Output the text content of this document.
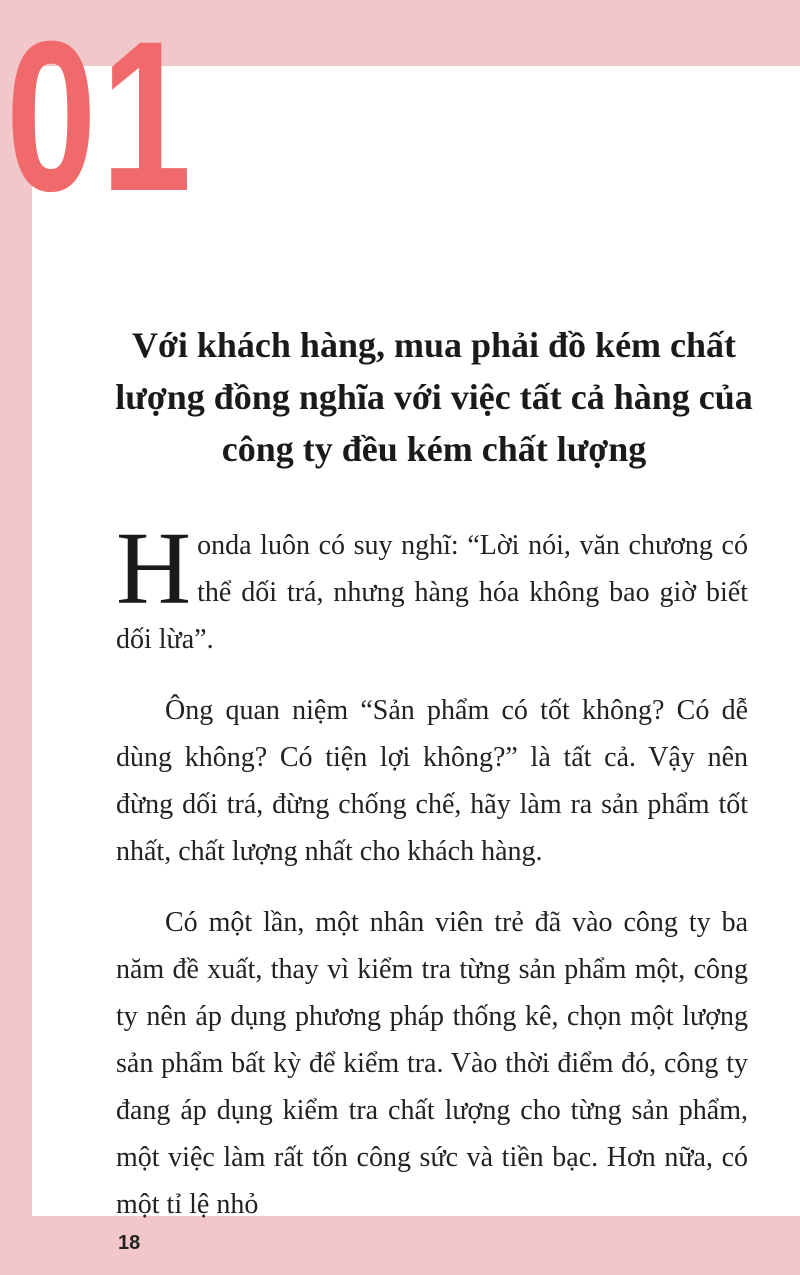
01
Với khách hàng, mua phải đồ kém chất lượng đồng nghĩa với việc tất cả hàng của công ty đều kém chất lượng

Honda luôn có suy nghĩ: “Lời nói, văn chương có thể dối trá, nhưng hàng hóa không bao giờ biết dối lừa”.

Ông quan niệm “Sản phẩm có tốt không? Có dễ dùng không? Có tiện lợi không?” là tất cả. Vậy nên đừng dối trá, đừng chống chế, hãy làm ra sản phẩm tốt nhất, chất lượng nhất cho khách hàng.

Có một lần, một nhân viên trẻ đã vào công ty ba năm đề xuất, thay vì kiểm tra từng sản phẩm một, công ty nên áp dụng phương pháp thống kê, chọn một lượng sản phẩm bất kỳ để kiểm tra. Vào thời điểm đó, công ty đang áp dụng kiểm tra chất lượng cho từng sản phẩm, một việc làm rất tốn công sức và tiền bạc. Hơn nữa, có một tỉ lệ nhỏ

18
